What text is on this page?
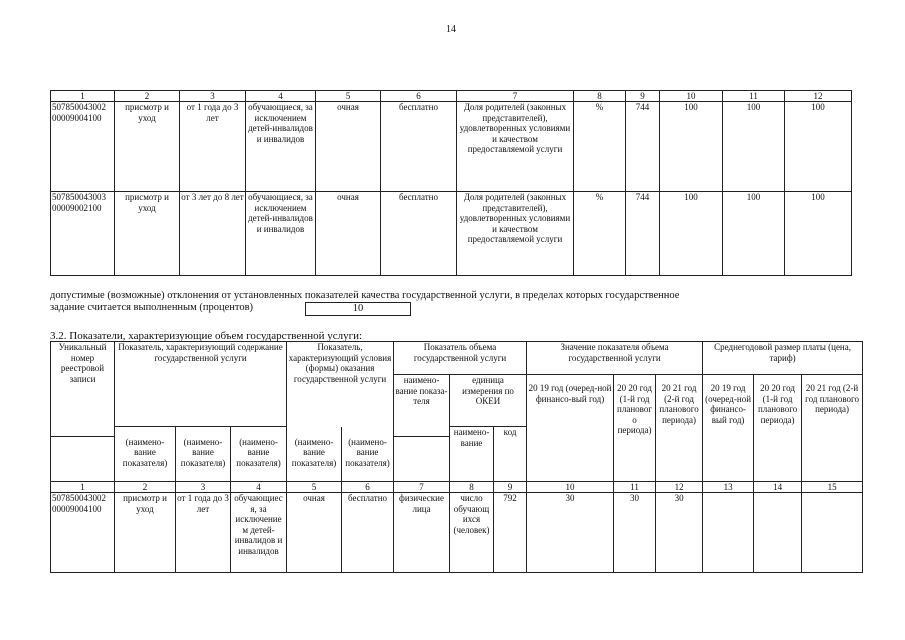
14
1	2	3	4	5	6	7	8	9	10	11	12
507850043002 00009004100	присмотр и уход	от 1 года до 3 лет	обучающиеся, за исключением детей-инвалидов и инвалидов	очная	бесплатно	Доля родителей (законных представителей), удовлетворенных условиями и качеством предоставляемой услуги	%	744	100	100	100
507850043003 00009002100	присмотр и уход	от 3 лет до 8 лет	обучающиеся, за исключением детей-инвалидов и инвалидов	очная	бесплатно	Доля родителей (законных представителей), удовлетворенных условиями и качеством предоставляемой услуги	%	744	100	100	100
допустимые (возможные) отклонения от установленных показателей качества государственной услуги, в пределах которых государственное
задание считается выполненным (процентов)	10
3.2. Показатели, характеризующие объем государственной услуги:
Уникальный номер реестровой записи	Показатель, характеризующий содержание государственной услуги			Показатель, характеризующий условия (формы) оказания государственной услуги		Показатель объема государственной услуги			Значение показателя объема государственной услуги			Среднегодовой размер платы (цена, тариф)		
						наимено-вание показа-теля	единица измерения по ОКЕИ		20 19 год (очеред-ной финансо-вый год)	20 20 год (1-й год планового периода)	20 21 год (2-й год планового периода)	20 19 год (очеред-ной финансо-вый год)	20 20 год (1-й год планового периода)	20 21 год (2-й год планового периода)
							наимено-вание	код						
	(наимено-вание показателя)	(наимено-вание показателя)	(наимено-вание показателя)	(наимено-вание показателя)	(наимено-вание показателя)									
1	2	3	4	5	6	7	8	9	10	11	12	13	14	15
507850043002 00009004100	присмотр и уход	от 1 года до 3 лет	обучающиес я, за исключение м детей-инвалидов и инвалидов	очная	бесплатно	физические лица	число обучающ ихся (человек)	792	30	30	30			
